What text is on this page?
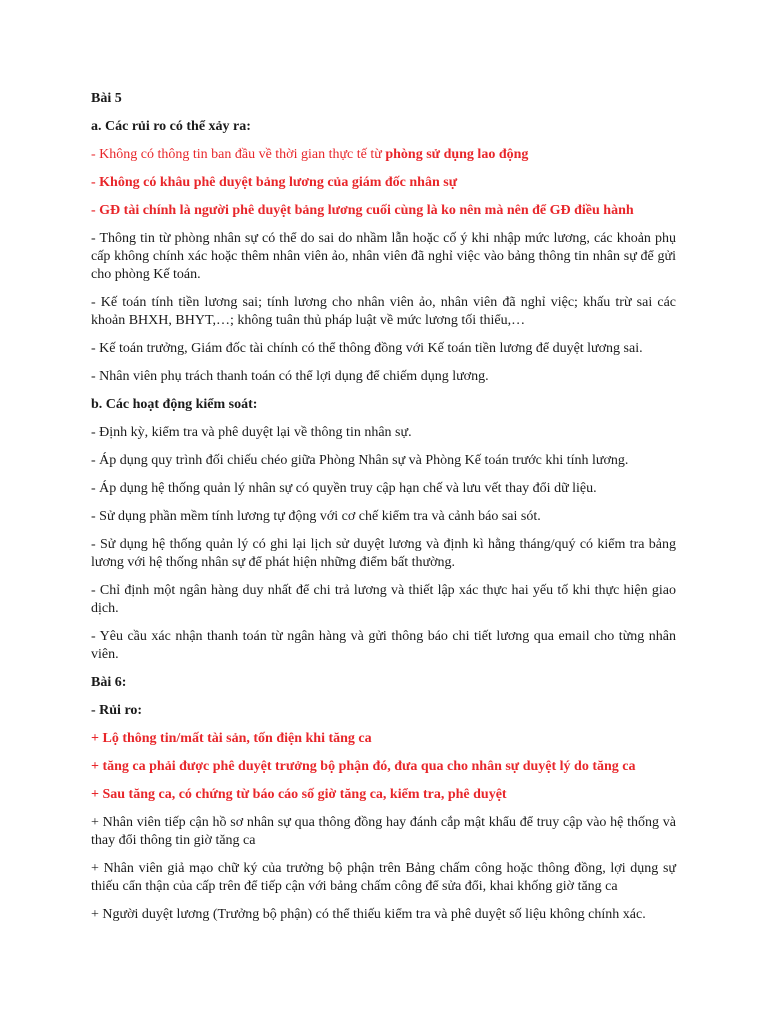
Bài 5

a. Các rủi ro có thể xảy ra:

- Không có thông tin ban đầu về thời gian thực tế từ phòng sử dụng lao động

- Không có khâu phê duyệt bảng lương của giám đốc nhân sự

- GĐ tài chính là người phê duyệt bảng lương cuối cùng là ko nên mà nên để GĐ điều hành

- Thông tin từ phòng nhân sự có thể do sai do nhầm lẫn hoặc cố ý khi nhập mức lương, các khoản phụ cấp không chính xác hoặc thêm nhân viên ảo, nhân viên đã nghỉ việc vào bảng thông tin nhân sự để gửi cho phòng Kế toán.

- Kế toán tính tiền lương sai; tính lương cho nhân viên ảo, nhân viên đã nghỉ việc; khấu trừ sai các khoản BHXH, BHYT,…; không tuân thủ pháp luật về mức lương tối thiểu,…

- Kế toán trưởng, Giám đốc tài chính có thể thông đồng với Kế toán tiền lương để duyệt lương sai.

- Nhân viên phụ trách thanh toán có thể lợi dụng để chiếm dụng lương.

b. Các hoạt động kiểm soát:

- Định kỳ, kiểm tra và phê duyệt lại về thông tin nhân sự.

- Áp dụng quy trình đối chiếu chéo giữa Phòng Nhân sự và Phòng Kế toán trước khi tính lương.

- Áp dụng hệ thống quản lý nhân sự có quyền truy cập hạn chế và lưu vết thay đổi dữ liệu.

- Sử dụng phần mềm tính lương tự động với cơ chế kiểm tra và cảnh báo sai sót.

- Sử dụng hệ thống quản lý có ghi lại lịch sử duyệt lương và định kì hằng tháng/quý có kiểm tra bảng lương với hệ thống nhân sự để phát hiện những điểm bất thường.

- Chỉ định một ngân hàng duy nhất để chi trả lương và thiết lập xác thực hai yếu tố khi thực hiện giao dịch.

- Yêu cầu xác nhận thanh toán từ ngân hàng và gửi thông báo chi tiết lương qua email cho từng nhân viên.

Bài 6:

- Rủi ro:

+ Lộ thông tin/mất tài sản, tốn điện khi tăng ca

+ tăng ca phải được phê duyệt trưởng bộ phận đó, đưa qua cho nhân sự duyệt lý do tăng ca

+ Sau tăng ca, có chứng từ báo cáo số giờ tăng ca, kiểm tra, phê duyệt

+ Nhân viên tiếp cận hồ sơ nhân sự qua thông đồng hay đánh cắp mật khẩu để truy cập vào hệ thống và thay đổi thông tin giờ tăng ca

+ Nhân viên giả mạo chữ ký của trưởng bộ phận trên Bảng chấm công hoặc thông đồng, lợi dụng sự thiếu cẩn thận của cấp trên để tiếp cận với bảng chấm công để sửa đổi, khai khống giờ tăng ca

+ Người duyệt lương (Trưởng bộ phận) có thể thiếu kiểm tra và phê duyệt số liệu không chính xác.
